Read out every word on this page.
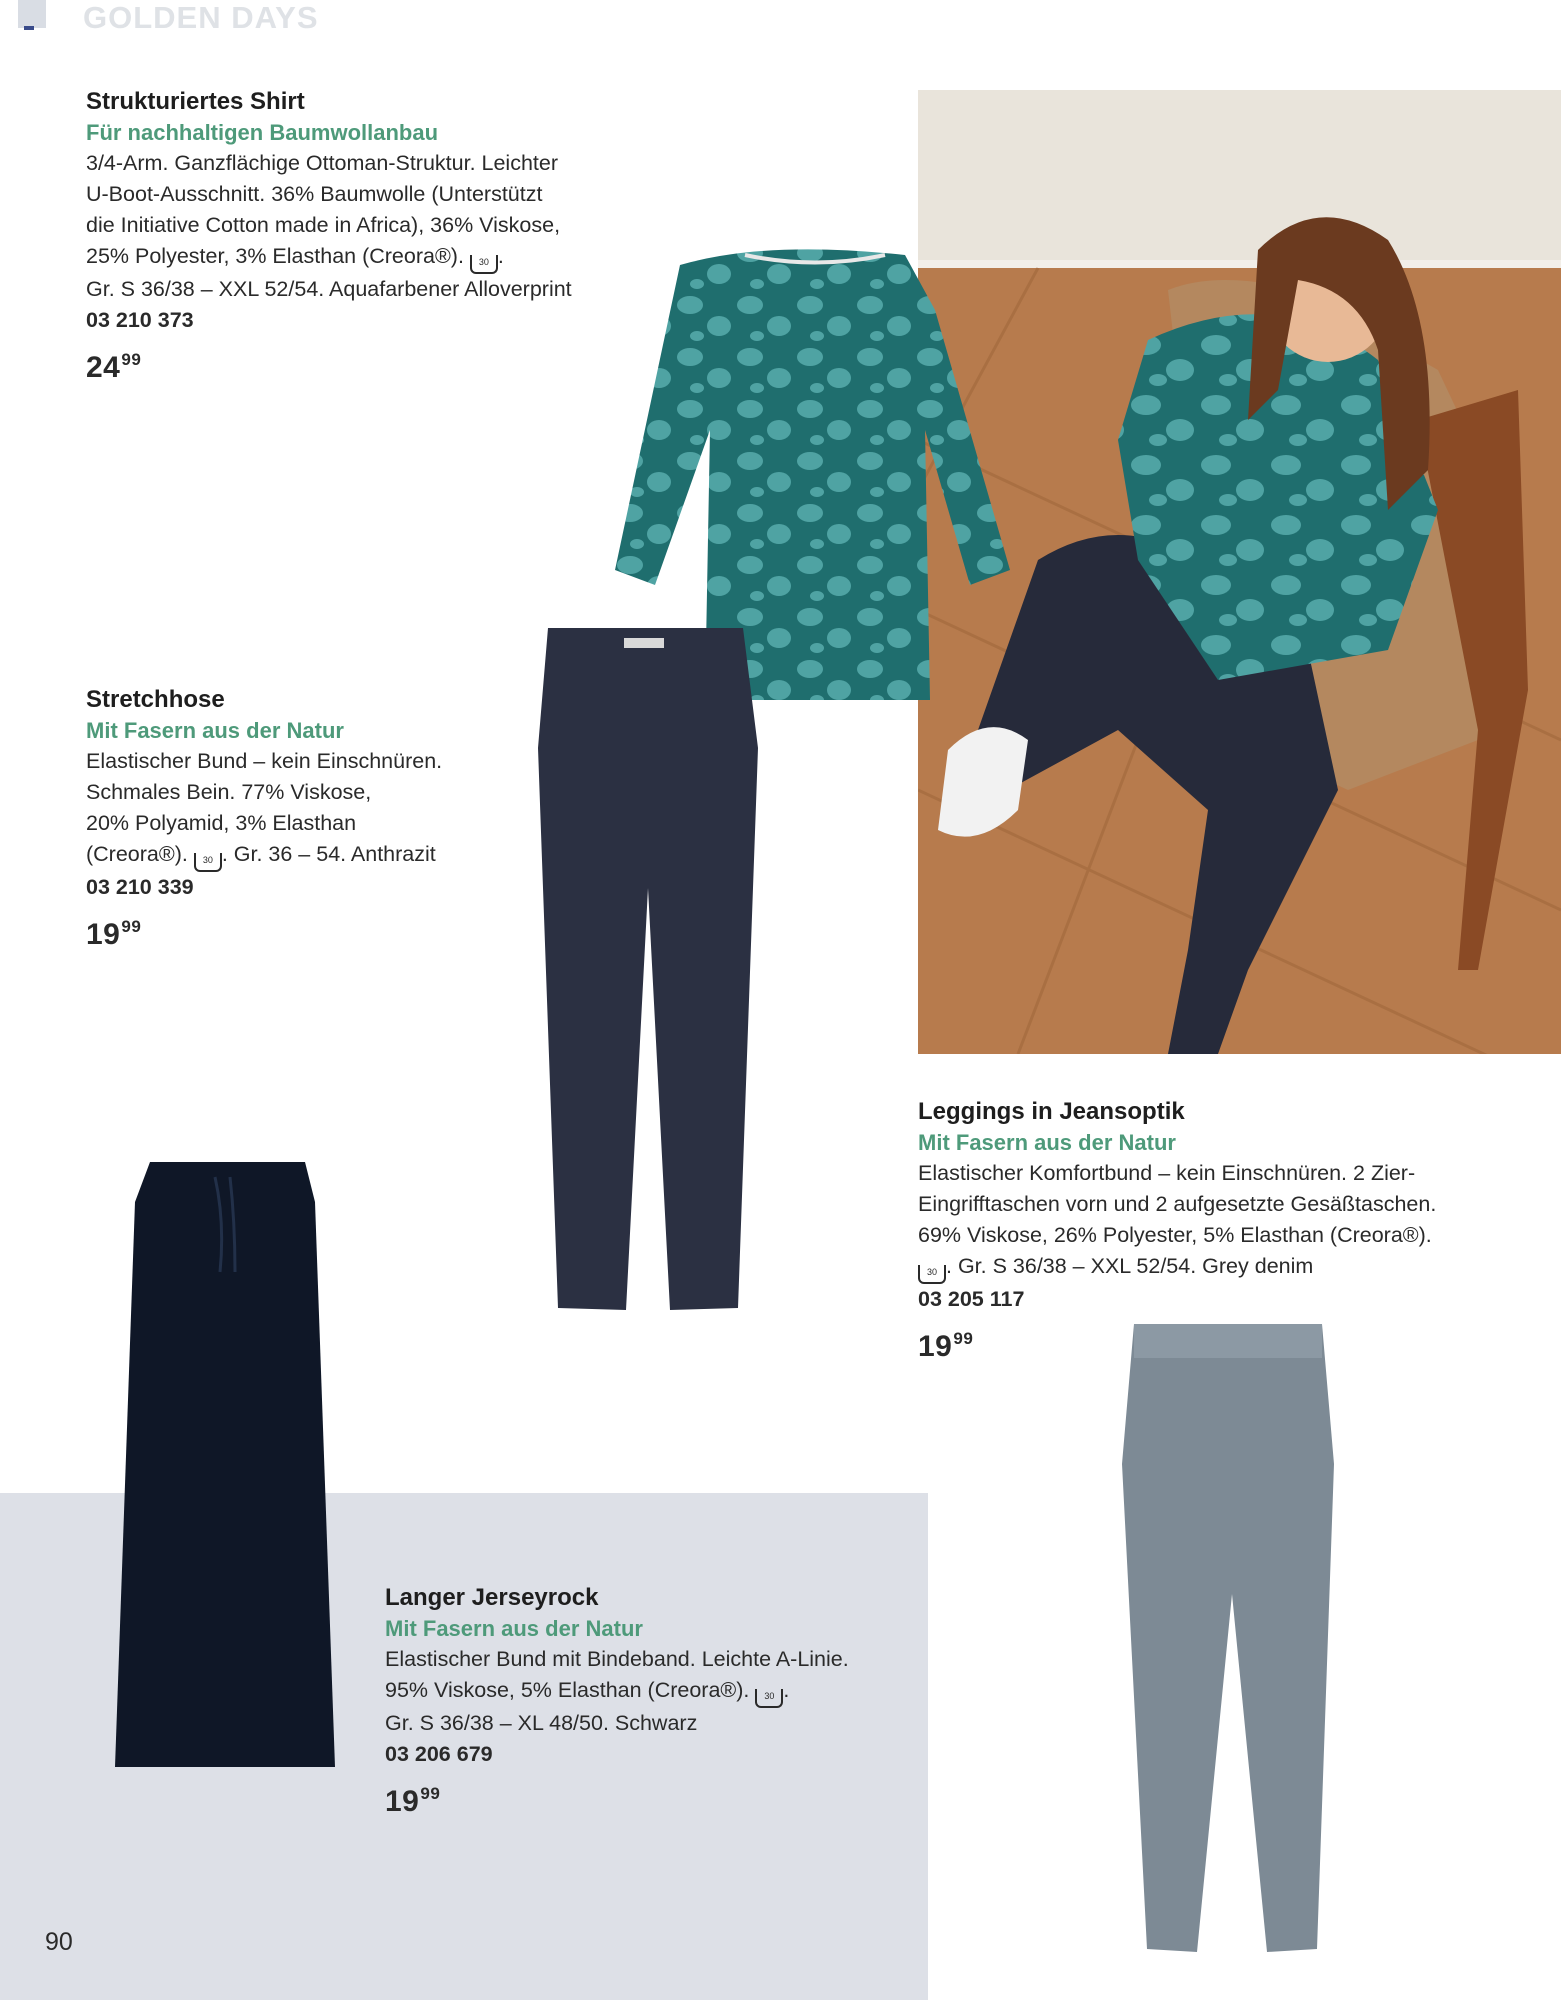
GOLDEN DAYS
Strukturiertes Shirt
Für nachhaltigen Baumwollanbau
3/4-Arm. Ganzflächige Ottoman-Struktur. Leichter
U-Boot-Ausschnitt. 36% Baumwolle (Unterstützt
die Initiative Cotton made in Africa), 36% Viskose,
25% Polyester, 3% Elasthan (Creora®). 30 .
Gr. S 36/38 – XXL 52/54. Aquafarbener Alloverprint
03 210 373
$24^{99}$
Stretchhose
Mit Fasern aus der Natur
Elastischer Bund – kein Einschnüren.
Schmales Bein. 77% Viskose,
20% Polyamid, 3% Elasthan
(Creora®). 30 . Gr. 36 – 54. Anthrazit
03 210 339
$19^{99}$
Leggings in Jeansoptik
Mit Fasern aus der Natur
Elastischer Komfortbund – kein Einschnüren. 2 Zier-
Eingrifftaschen vorn und 2 aufgesetzte Gesäßtaschen.
69% Viskose, 26% Polyester, 5% Elasthan (Creora®).
30 . Gr. S 36/38 – XXL 52/54. Grey denim
03 205 117
$19^{99}$
Langer Jerseyrock
Mit Fasern aus der Natur
Elastischer Bund mit Bindeband. Leichte A-Linie.
95% Viskose, 5% Elasthan (Creora®). 30 .
Gr. S 36/38 – XL 48/50. Schwarz
03 206 679
$19^{99}$
90
